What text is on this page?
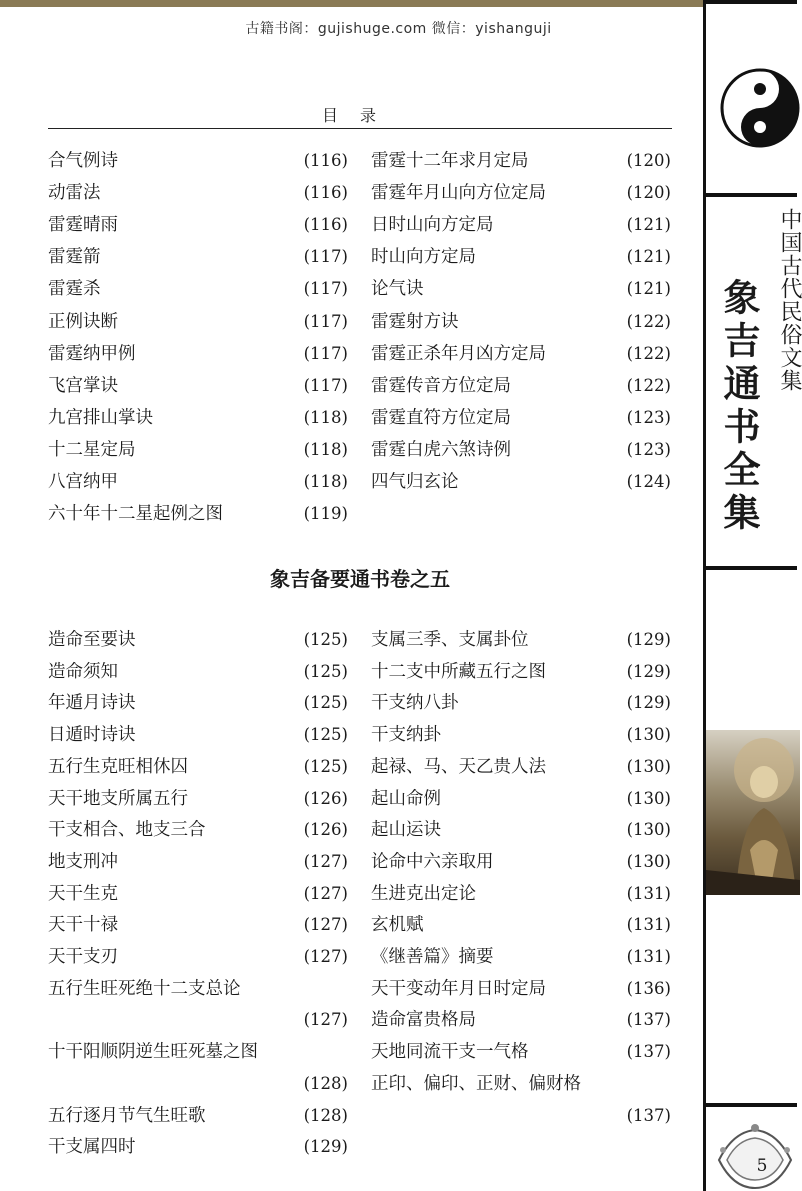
古籍书阁：gujishuge.com 微信：yishanguji
目录
合气例诗	(116)
动雷法	(116)
雷霆晴雨	(116)
雷霆箭	(117)
雷霆杀	(117)
正例诀断	(117)
雷霆纳甲例	(117)
飞宫掌诀	(117)
九宫排山掌诀	(118)
十二星定局	(118)
八宫纳甲	(118)
六十年十二星起例之图	(119)
雷霆十二年求月定局	(120)
雷霆年月山向方位定局	(120)
日时山向方定局	(121)
时山向方定局	(121)
论气诀	(121)
雷霆射方诀	(122)
雷霆正杀年月凶方定局	(122)
雷霆传音方位定局	(122)
雷霆直符方位定局	(123)
雷霆白虎六煞诗例	(123)
四气归玄论	(124)
象吉备要通书卷之五
造命至要诀	(125)
造命须知	(125)
年遁月诗诀	(125)
日遁时诗诀	(125)
五行生克旺相休囚	(125)
天干地支所属五行	(126)
干支相合、地支三合	(126)
地支刑冲	(127)
天干生克	(127)
天干十禄	(127)
天干支刃	(127)
五行生旺死绝十二支总论
(127)
十干阳顺阴逆生旺死墓之图
(128)
五行逐月节气生旺歌	(128)
干支属四时	(129)
支属三季、支属卦位	(129)
十二支中所藏五行之图	(129)
干支纳八卦	(129)
干支纳卦	(130)
起禄、马、天乙贵人法	(130)
起山命例	(130)
起山运诀	(130)
论命中六亲取用	(130)
生进克出定论	(131)
玄机赋	(131)
《继善篇》摘要	(131)
天干变动年月日时定局	(136)
造命富贵格局	(137)
天地同流干支一气格	(137)
正印、偏印、正财、偏财格
(137)
象吉通书全集 中国古代民俗文集
5
